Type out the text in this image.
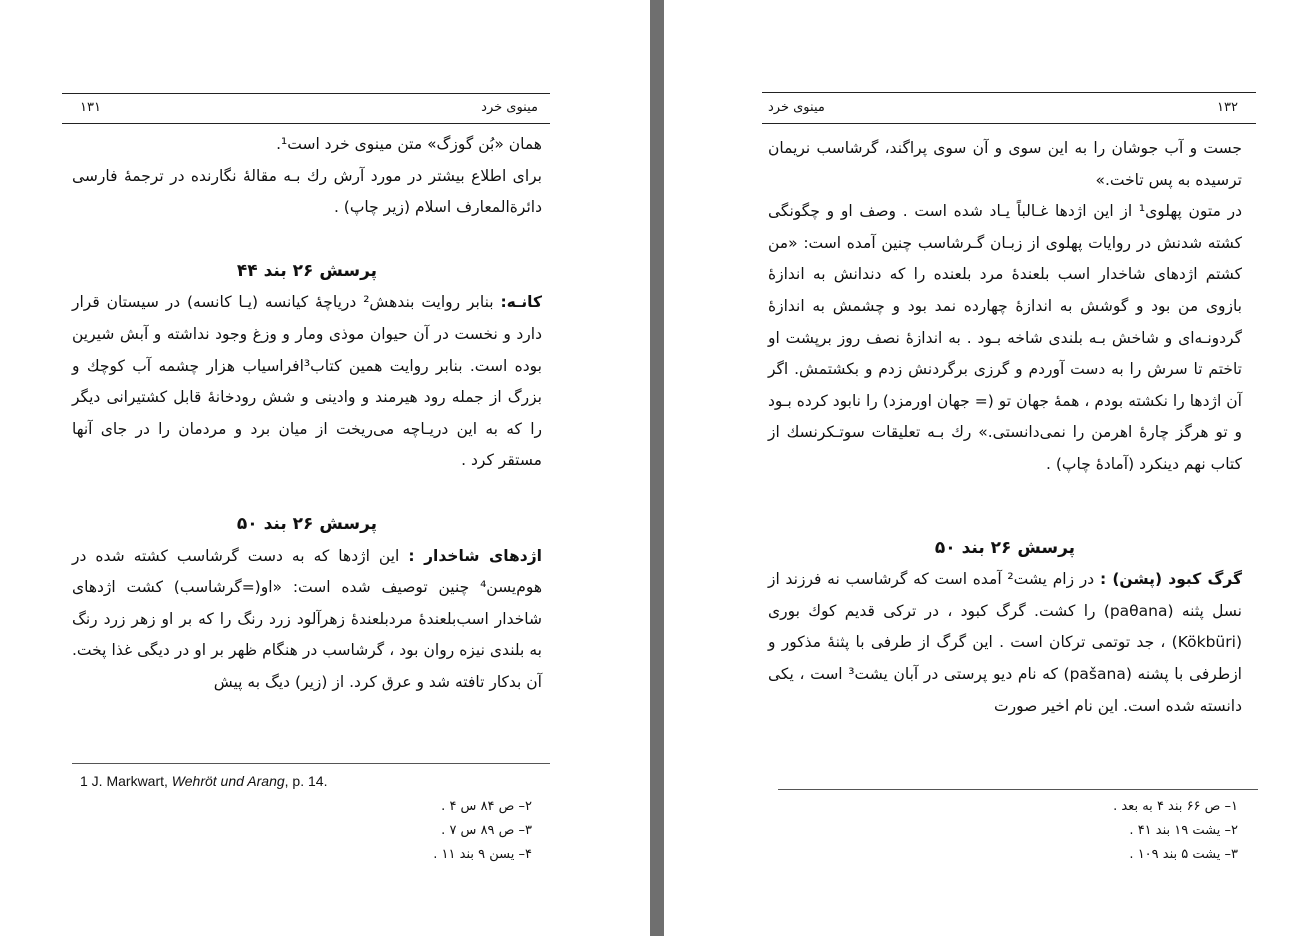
۱۳۱	مینوی خرد

همان «بُن گوزگ» متن مینوی خرد است¹.

برای اطلاع بیشتر در مورد آرش رك بـه مقالهٔ نگارنده در ترجمهٔ فارسی دائرةالمعارف اسلام (زیر چاپ) .

پرسش ۲۶ بند ۴۴

کانـه: بنابر روایت بندهش² دریاچهٔ کیانسه (یـا کانسه) در سیستان قرار دارد و نخست در آن حیوان موذی ومار و وزغ وجود نداشته و آبش شیرین بوده است. بنابر روایت همین کتاب³افراسیاب هزار چشمه آب کوچك و بزرگ از جمله رود هیرمند و وادینی و شش رودخانهٔ قابل کشتیرانی دیگر را که به این دریـاچه می‌ریخت از میان برد و مردمان را در جای آنها مستقر کرد .

پرسش ۲۶ بند ۵۰

اژدهای شاخدار : این اژدها که به دست گرشاسب کشته شده در هوم‌یسن⁴ چنین توصیف شده است: «او(=گرشاسب) کشت اژدهای شاخدار اسب‌بلعندهٔ مردبلعندهٔ زهرآلود زرد رنگ را که بر او زهر زرد رنگ به بلندی نیزه روان بود ، گرشاسب در هنگام ظهر بر او در دیگی غذا پخت. آن بدکار تافته شد و عرق کرد. از (زیر) دیگ به پیش

1 J. Markwart, Wehröt und Arang, p. 14.

۲– ص ۸۴ س ۴ .

۳– ص ۸۹ س ۷ .

۴– یسن ۹ بند ۱۱ .

مینوی خرد	۱۳۲

جست و آب جوشان را به این سوی و آن سوی پراگند، گرشاسب نریمان ترسیده به پس تاخت.»

در متون پهلوی¹ از این اژدها غـالباً یـاد شده است . وصف او و چگونگی کشته شدنش در روایات پهلوی از زبـان گـرشاسب چنین آمده است: «من کشتم اژدهای شاخدار اسب بلعندهٔ مرد بلعنده را که دندانش به اندازهٔ بازوی من بود و گوشش به اندازهٔ چهارده نمد بود و چشمش به اندازهٔ گردونـه‌ای و شاخش بـه بلندی شاخه بـود . به اندازهٔ نصف روز برپشت او تاختم تا سرش را به دست آوردم و گرزی برگردنش زدم و بکشتمش. اگر آن اژدها را نکشته بودم ، همهٔ جهان تو (= جهان اورمزد) را نابود کرده بـود و تو هرگز چارهٔ اهرمن را نمی‌دانستی.» رك بـه تعلیقات سوتـکرنسك از کتاب نهم دینکرد (آمادهٔ چاپ) .

پرسش ۲۶ بند ۵۰

گرگ کبود (پشن) : در زام یشت² آمده است که گرشاسب نه فرزند از نسل پثنه (paθana) را کشت. گرگ کبود ، در ترکی قدیم کوك بوری (Kökbüri) ، جد توتمی ترکان است . این گرگ از طرفی با پثنهٔ مذکور و ازطرفی با پشنه (pašana) که نام دیو پرستی در آبان یشت³ است ، یکی دانسته شده است. این نام اخیر صورت

۱– ص ۶۶ بند ۴ به بعد .

۲– یشت ۱۹ بند ۴۱ .

۳– یشت ۵ بند ۱۰۹ .
